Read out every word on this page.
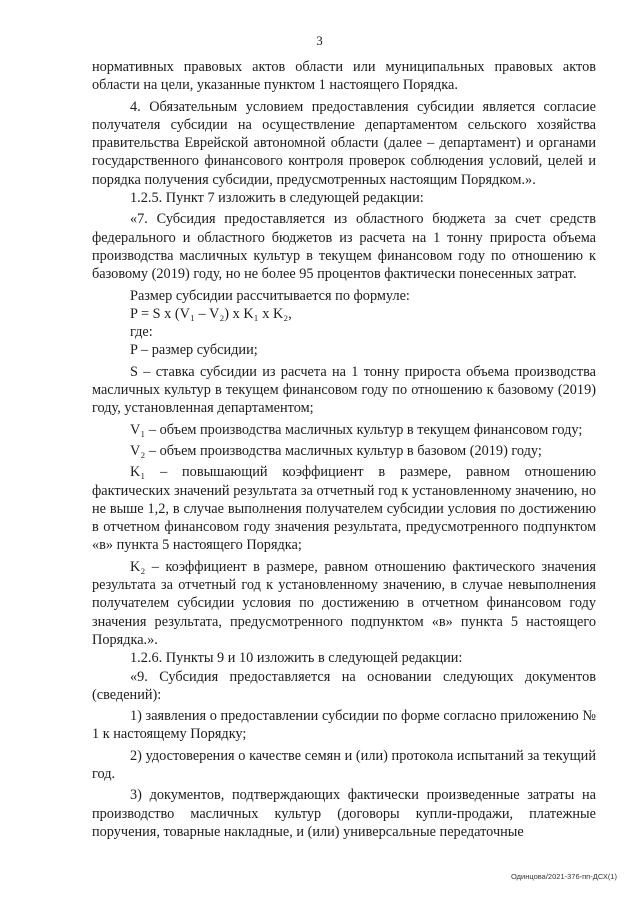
3

нормативных правовых актов области или муниципальных правовых актов области на цели, указанные пунктом 1 настоящего Порядка.

4. Обязательным условием предоставления субсидии является согласие получателя субсидии на осуществление департаментом сельского хозяйства правительства Еврейской автономной области (далее – департамент) и органами государственного финансового контроля проверок соблюдения условий, целей и порядка получения субсидии, предусмотренных настоящим Порядком.».

1.2.5. Пункт 7 изложить в следующей редакции:

«7. Субсидия предоставляется из областного бюджета за счет средств федерального и областного бюджетов из расчета на 1 тонну прироста объема производства масличных культур в текущем финансовом году по отношению к базовому (2019) году, но не более 95 процентов фактически понесенных затрат.

Размер субсидии рассчитывается по формуле:

P = S x (V₁ – V₂) x K₁ x K₂,

где:

P – размер субсидии;

S – ставка субсидии из расчета на 1 тонну прироста объема производства масличных культур в текущем финансовом году по отношению к базовому (2019) году, установленная департаментом;

V₁ – объем производства масличных культур в текущем финансовом году;

V₂ – объем производства масличных культур в базовом (2019) году;

K₁ – повышающий коэффициент в размере, равном отношению фактических значений результата за отчетный год к установленному значению, но не выше 1,2, в случае выполнения получателем субсидии условия по достижению в отчетном финансовом году значения результата, предусмотренного подпунктом «в» пункта 5 настоящего Порядка;

K₂ – коэффициент в размере, равном отношению фактического значения результата за отчетный год к установленному значению, в случае невыполнения получателем субсидии условия по достижению в отчетном финансовом году значения результата, предусмотренного подпунктом «в» пункта 5 настоящего Порядка.».

1.2.6. Пункты 9 и 10 изложить в следующей редакции:

«9. Субсидия предоставляется на основании следующих документов (сведений):

1) заявления о предоставлении субсидии по форме согласно приложению № 1 к настоящему Порядку;

2) удостоверения о качестве семян и (или) протокола испытаний за текущий год.

3) документов, подтверждающих фактически произведенные затраты на производство масличных культур (договоры купли-продажи, платежные поручения, товарные накладные, и (или) универсальные передаточные

Одинцова/2021-376-пп-ДСХ(1)
